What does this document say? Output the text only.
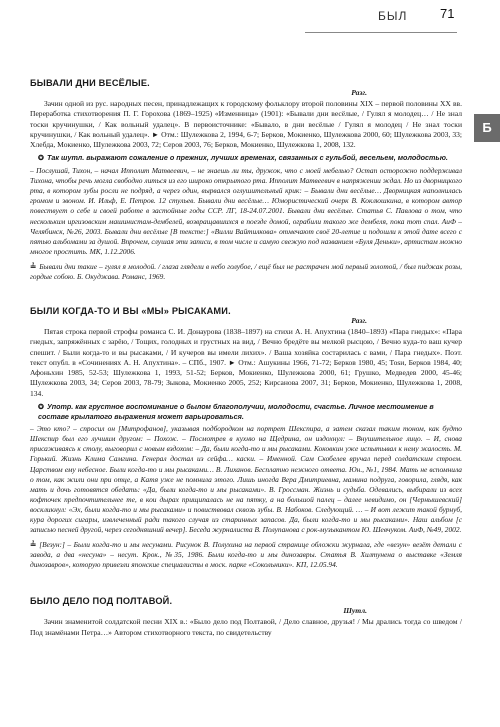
БЫЛ	71
Б
БЫВАЛИ ДНИ ВЕСЁЛЫЕ.
Разг.

Зачин одной из рус. народных песен, принадлежащих к городскому фольклору второй половины XIX – первой половины XX вв. Переработка стихотворения П. Г. Горохова (1869–1925) «Изменница» (1901): «Бывали дни весёлые, / Гулял я молодец… / Не знал тоски кручинушки, / Как вольный удалец». В первоисточнике: «Бывало, в дни весёлые / Гулял я молодец / Не знал тоски кручинушки, / Как вольный удалец». ► Отм.: Шулежкова 2, 1994, 6-7; Берков, Мокиенко, Шулежкова 2000, 60; Шулежкова 2003, 33; Хлебда, Мокиенко, Шулежкова 2003, 72; Серов 2003, 76; Берков, Мокиенко, Шулежкова 1, 2008, 132.

✪ Так шутл. выражают сожаление о прежних, лучших временах, связанных с гульбой, весельем, молодостью.

– Послушай, Тихон, – начал Ипполит Матвеевич, – не знаешь ли ты, дружок, что с моей мебелью? Остап осторожно поддерживал Тихона, чтобы речь могла свободно литься из его широко открытого рта. Ипполит Матвеевич в напряжении ждал. Но из дворницкого рта, в котором зубы росли не подряд, а через один, вырвался оглушительный крик: – Бывали дни весёлые… Дворницкая наполнилась громом и звоном. И. Ильф, Е. Петров. 12 стульев. Бывали дни весёлые… Юмористический очерк В. Коклюшкина, в котором автор повествует о себе и своей работе в застойные годы ССР. ЛГ, 18-24.07.2001. Бывали дни весёлые. Статья С. Павлова о том, что нескольким иргизовским машинистам-дембелей, возвращавшихся в поезде домой, ограбили такого же дембеля, пока тот спал. АиФ – Челябинск, №26, 2003. Бывали дни весёлые [В тексте:] «Вилли Вайтилкова» отмечают своё 20-летие и подошли к этой дате всего с пятью альбомами за душой. Впрочем, слушая эти записи, в том числе и самую свежую под названием «Буля Деньки», артистам можно многое простить. МК, 1.12.2006.

≟ Бывали дни такие – гулял я молодой. / глаза глядели в небо голубое, / ещё был не растрачен мой первый золотой, / был пиджак розы, гордые собою. Б. Окуджава. Романс, 1969.

БЫЛИ КОГДА-ТО И ВЫ «МЫ» РЫСАКАМИ.
Разг.

Пятая строка первой строфы романса С. И. Донаурова (1838–1897) на стихи А. Н. Апухтина (1840–1893) «Пара гнедых»: «Пара гнедых, запряжённых с зарёю, / Тощих, голодных и грустных на вид, / Вечно бредёте вы мелкой рысцою, / Вечно куда-то ваш кучер спешит. / Были когда-то и вы рысаками, / И кучеров вы имели лихих». / Ваша хозяйка состарилась с вами, / Пара гнедых». Поэт. текст опубл. в «Сочинениях А. Н. Апухтина». – СПб., 1907. ► Отм.: Ашукины 1966, 71-72; Берков 1980, 45; Тоsи, Берков 1984, 40; Афоньхин 1985, 52-53; Шулежкова 1, 1993, 51-52; Берков, Мокиенко, Шулежкова 2000, 61; Грушко, Медведев 2000, 45-46; Шулежкова 2003, 34; Серов 2003, 78-79; Зыкова, Мокиенко 2005, 252; Кирсанова 2007, 31; Берков, Мокиенко, Шулежкова 1, 2008, 134.

✪ Употр. как грустное воспоминание о былом благополучии, молодости, счастье. Личное местоимение в составе крылатого выражения может варьироваться.

– Это кто? – спросил он [Митрофанов], указывая подбородком на портрет Шекспира, а затем сказал таким тоном, как будто Шекспир был его лучшим другом: – Похож. – Посмотрев в кухню на Щедрина, он издохнул: – Внушительное лицо. – И, снова присаживаясь к столу, выговорил с новым вздохом: – Да, были когда-то и мы рысаками. Коковкин уже испытывал к нему жалость. М. Горький. Жизнь Клима Самгина. Генерал достал из сейфа… каски. – Именной. Сам Скобелев вручал перед солдатским строем. Царством ему небесное. Были когда-то и мы рысаками… В. Лиханов. Бесплатно нежного ответа. Юн., №1, 1984. Мать не вспомнила о том, как жили они при отце, а Катя уже не помнила этого. Лишь иногда Вера Дмитриевна, мамина подруга, говорила, глядя, как мать и дочь готовятся обедать: «Да, были когда-то и мы рысаками». В. Гроссман. Жизнь и судьба. Одевались, выбирали из всех кофточек предпочтительнее те, в кои дырах прищипалась не на пятку, а на большой палец – далее невидимо, он [Чернышевский] воскликнул: «Эх, были когда-то и мы рысаками» и повиствовал сквозь зубы. В. Набоков. Следующий. … – И вот лежит такой бурнуб, кура дорогих сигары, извлеченный ради такого случая из старинных запасов. Да, были когда-то и мы рысаками». Наш альбом [с записью песней другой, через сегодняшний вечер]. Беседа журналиста В. Полупанова с рок-музыкантом Ю. Шевчуком. АиФ, №49, 2002.

≟ [Везун:] – Были когда-то и мы несунами. Рисунок В. Полухина на первой странице обложки журнала, где «везун» везёт детали с завода, а два «несуна» – несут. Крок., №35, 1986. Были когда-то и мы динозавры. Статья В. Хилтунена о выставке «Земля динозавров», которую привезли японские специалисты в моск. парке «Сокольники». КП, 12.05.94.

БЫЛО ДЕЛО ПОД ПОЛТАВОЙ.
Шутл.

Зачин знаменитой солдатской песни XIX в.: «Было дело под Полтавой, / Дело славное, друзья! / Мы дрались тогда со шведом / Под знамёнами Петра…» Автором стихотворного текста, по свидетельству
